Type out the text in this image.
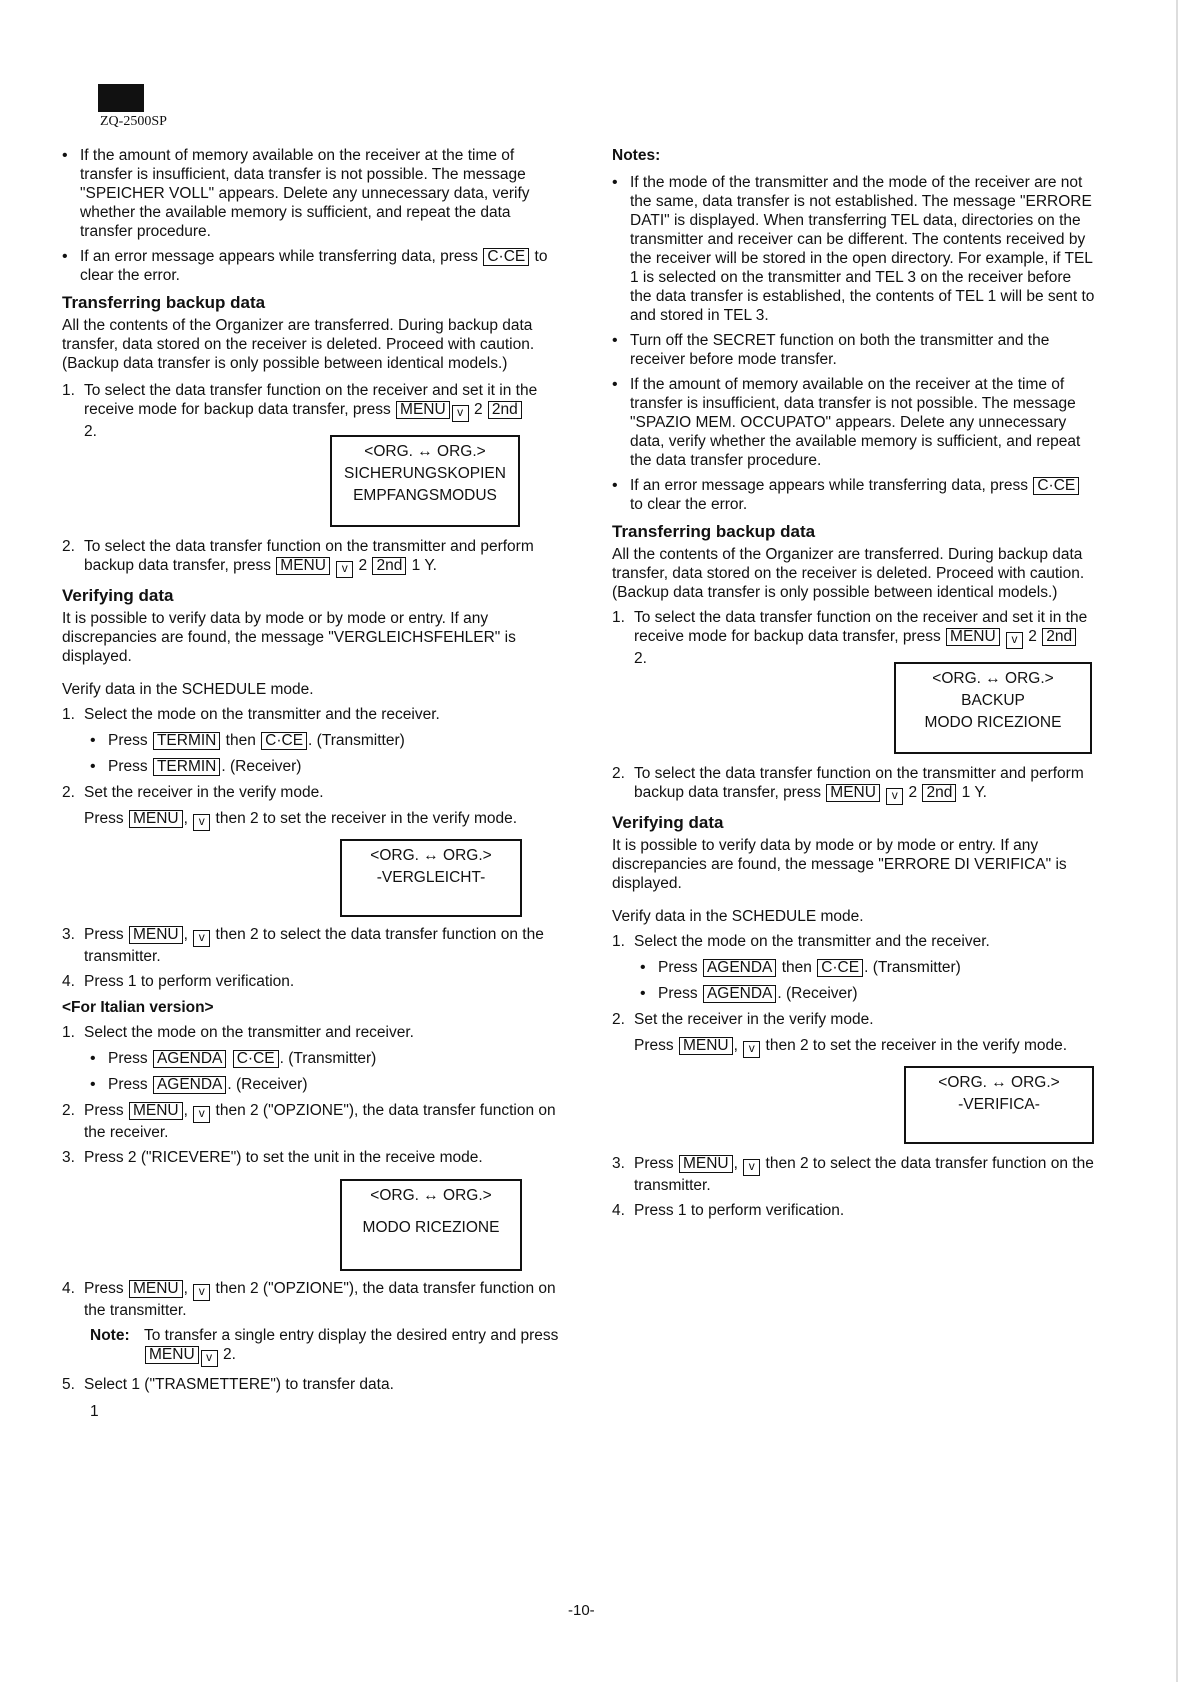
ZQ-2500SP

• If the amount of memory available on the receiver at the time of transfer is insufficient, data transfer is not possible. The message "SPEICHER VOLL" appears. Delete any unnecessary data, verify whether the available memory is sufficient, and repeat the data transfer procedure.

• If an error message appears while transferring data, press C·CE to clear the error.

Transferring backup data

All the contents of the Organizer are transferred. During backup data transfer, data stored on the receiver is deleted. Proceed with caution. (Backup data transfer is only possible between identical models.)

1. To select the data transfer function on the receiver and set it in the receive mode for backup data transfer, press MENU v 2 2nd
2.

<ORG. ↔ ORG.>
SICHERUNGSKOPIEN
EMPFANGSMODUS

2. To select the data transfer function on the transmitter and perform backup data transfer, press MENU v 2 2nd 1 Y.

Verifying data

It is possible to verify data by mode or by mode or entry. If any discrepancies are found, the message "VERGLEICHSFEHLER" is displayed.

Verify data in the SCHEDULE mode.

1. Select the mode on the transmitter and the receiver.

• Press TERMIN then C·CE . (Transmitter)

• Press TERMIN . (Receiver)

2. Set the receiver in the verify mode.

Press MENU , v then 2 to set the receiver in the verify mode.

<ORG. ↔ ORG.>
-VERGLEICHT-

3. Press MENU , v then 2 to select the data transfer function on the transmitter.

4. Press 1 to perform verification.

<For Italian version>

1. Select the mode on the transmitter and receiver.

• Press AGENDA C·CE . (Transmitter)

• Press AGENDA . (Receiver)

2. Press MENU , v then 2 ("OPZIONE"), the data transfer function on the receiver.

3. Press 2 ("RICEVERE") to set the unit in the receive mode.

<ORG. ↔ ORG.>
MODO RICEZIONE

4. Press MENU , v then 2 ("OPZIONE"), the data transfer function on the transmitter.

Note: To transfer a single entry display the desired entry and press MENU v 2.

5. Select 1 ("TRASMETTERE") to transfer data.

1

Notes:

• If the mode of the transmitter and the mode of the receiver are not the same, data transfer is not established. The message "ERRORE DATI" is displayed. When transferring TEL data, directories on the transmitter and receiver can be different. The contents received by the receiver will be stored in the open directory. For example, if TEL 1 is selected on the transmitter and TEL 3 on the receiver before the data transfer is established, the contents of TEL 1 will be sent to and stored in TEL 3.

• Turn off the SECRET function on both the transmitter and the receiver before mode transfer.

• If the amount of memory available on the receiver at the time of transfer is insufficient, data transfer is not possible. The message "SPAZIO MEM. OCCUPATO" appears. Delete any unnecessary data, verify whether the available memory is sufficient, and repeat the data transfer procedure.

• If an error message appears while transferring data, press C·CE to clear the error.

Transferring backup data

All the contents of the Organizer are transferred. During backup data transfer, data stored on the receiver is deleted. Proceed with caution. (Backup data transfer is only possible between identical models.)

1. To select the data transfer function on the receiver and set it in the receive mode for backup data transfer, press MENU v 2 2nd
2.

<ORG. ↔ ORG.>
BACKUP
MODO RICEZIONE

2. To select the data transfer function on the transmitter and perform backup data transfer, press MENU v 2 2nd 1 Y.

Verifying data

It is possible to verify data by mode or by mode or entry. If any discrepancies are found, the message "ERRORE DI VERIFICA" is displayed.

Verify data in the SCHEDULE mode.

1. Select the mode on the transmitter and the receiver.

• Press AGENDA then C·CE . (Transmitter)

• Press AGENDA . (Receiver)

2. Set the receiver in the verify mode.

Press MENU , v then 2 to set the receiver in the verify mode.

<ORG. ↔ ORG.>
-VERIFICA-

3. Press MENU , v then 2 to select the data transfer function on the transmitter.

4. Press 1 to perform verification.

-10-
